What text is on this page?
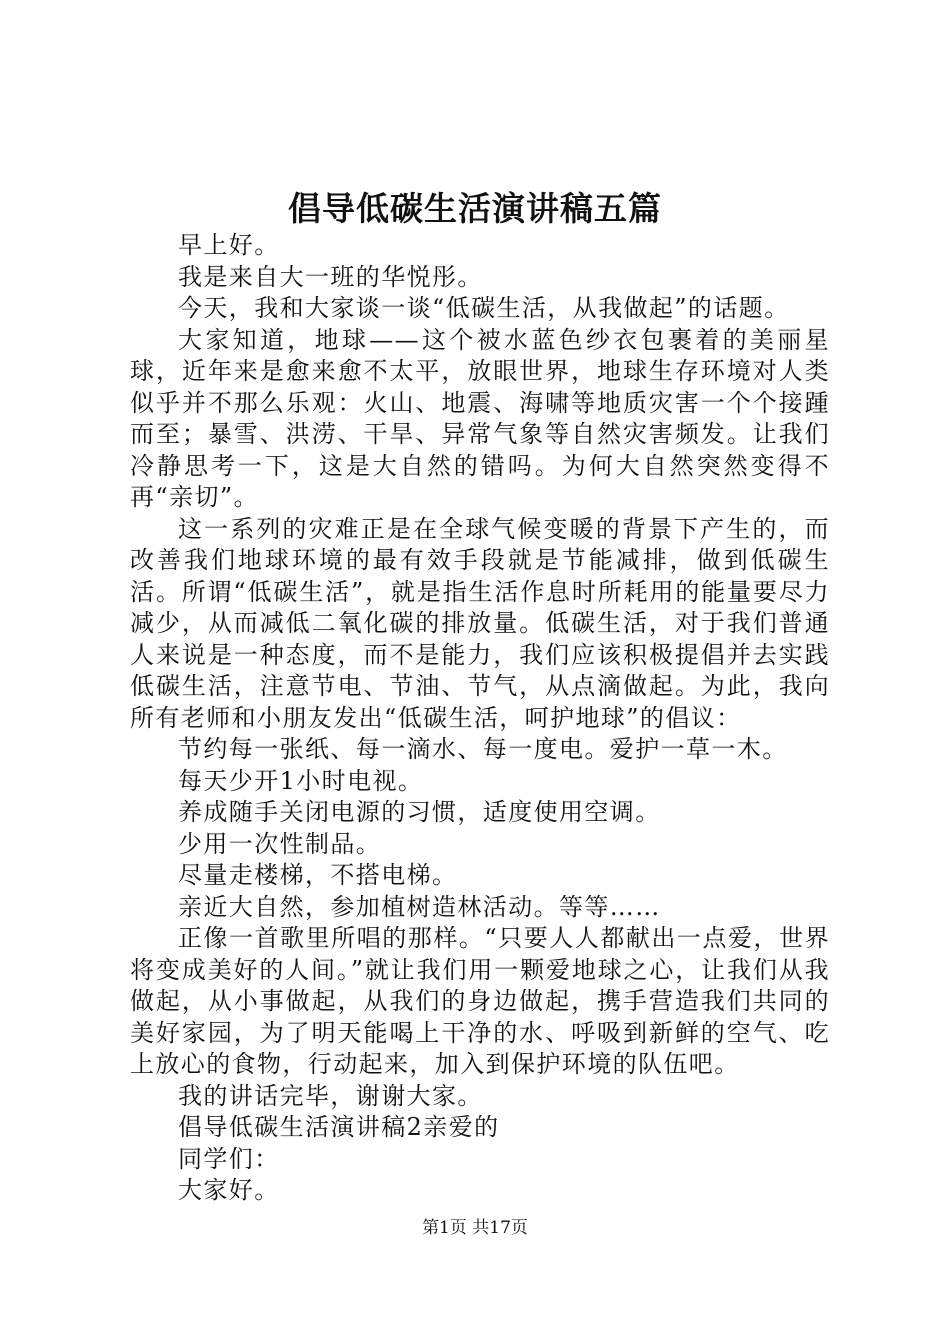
倡导低碳生活演讲稿五篇

早上好。

我是来自大一班的华悦彤。

今天，我和大家谈一谈“低碳生活，从我做起”的话题。

大家知道，地球——这个被水蓝色纱衣包裹着的美丽星球，近年来是愈来愈不太平，放眼世界，地球生存环境对人类似乎并不那么乐观：火山、地震、海啸等地质灾害一个个接踵而至；暴雪、洪涝、干旱、异常气象等自然灾害频发。让我们冷静思考一下，这是大自然的错吗。为何大自然突然变得不再“亲切”。

这一系列的灾难正是在全球气候变暖的背景下产生的，而改善我们地球环境的最有效手段就是节能减排，做到低碳生活。所谓“低碳生活”，就是指生活作息时所耗用的能量要尽力减少，从而减低二氧化碳的排放量。低碳生活，对于我们普通人来说是一种态度，而不是能力，我们应该积极提倡并去实践低碳生活，注意节电、节油、节气，从点滴做起。为此，我向所有老师和小朋友发出“低碳生活，呵护地球”的倡议：

节约每一张纸、每一滴水、每一度电。爱护一草一木。

每天少开1小时电视。

养成随手关闭电源的习惯，适度使用空调。

少用一次性制品。

尽量走楼梯，不搭电梯。

亲近大自然，参加植树造林活动。等等……

正像一首歌里所唱的那样。“只要人人都献出一点爱，世界将变成美好的人间。”就让我们用一颗爱地球之心，让我们从我做起，从小事做起，从我们的身边做起，携手营造我们共同的美好家园，为了明天能喝上干净的水、呼吸到新鲜的空气、吃上放心的食物，行动起来，加入到保护环境的队伍吧。

我的讲话完毕，谢谢大家。

倡导低碳生活演讲稿2亲爱的

同学们：

大家好。

第1页 共17页
